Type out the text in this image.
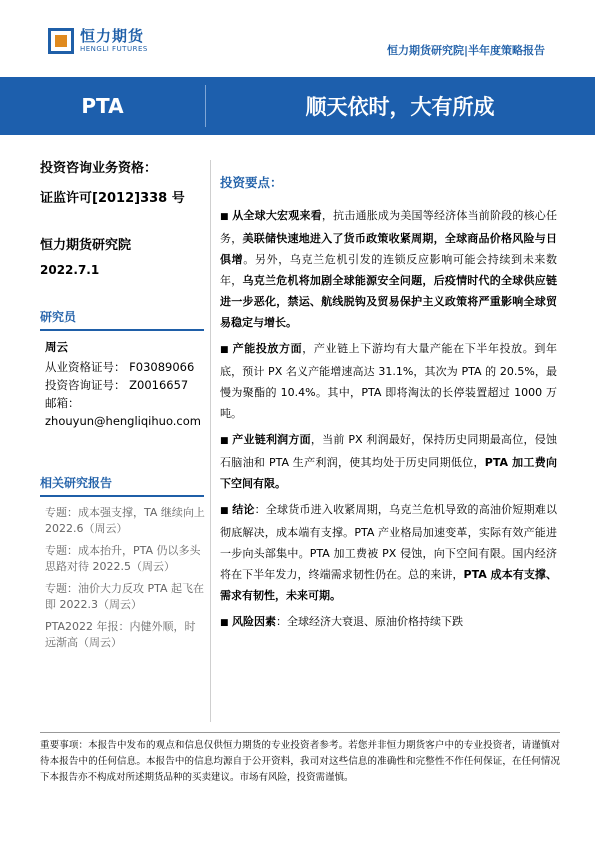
恒力期货
HENGLI FUTURES	恒力期货研究院|半年度策略报告
PTA	顺天依时，大有所成
投资咨询业务资格：
证监许可[2012]338 号
恒力期货研究院
2022.7.1
研究员
周云
从业资格证号： F03089066
投资咨询证号： Z0016657
邮箱：
zhouyun@hengliqihuo.com
相关研究报告
专题：成本强支撑，TA 继续向上 2022.6（周云）
专题：成本抬升，PTA 仍以多头思路对待 2022.5（周云）
专题：油价大力反攻 PTA 起飞在即 2022.3（周云）
PTA2022 年报：内健外顺，时远渐高（周云）
投资要点：

■ 从全球大宏观来看，抗击通胀成为美国等经济体当前阶段的核心任务，美联储快速地进入了货币政策收紧周期，全球商品价格风险与日俱增。另外，乌克兰危机引发的连锁反应影响可能会持续到未来数年，乌克兰危机将加剧全球能源安全问题，后疫情时代的全球供应链进一步恶化，禁运、航线脱钩及贸易保护主义政策将严重影响全球贸易稳定与增长。

■ 产能投放方面，产业链上下游均有大量产能在下半年投放。到年底，预计 PX 名义产能增速高达 31.1%，其次为 PTA 的 20.5%，最慢为聚酯的 10.4%。其中，PTA 即将淘汰的长停装置超过 1000 万吨。

■ 产业链利润方面，当前 PX 利润最好，保持历史同期最高位，侵蚀石脑油和 PTA 生产利润，使其均处于历史同期低位，PTA 加工费向下空间有限。

■ 结论：全球货币进入收紧周期，乌克兰危机导致的高油价短期难以彻底解决，成本端有支撑。PTA 产业格局加速变革，实际有效产能进一步向头部集中。PTA 加工费被 PX 侵蚀，向下空间有限。国内经济将在下半年发力，终端需求韧性仍在。总的来讲，PTA 成本有支撑、需求有韧性，未来可期。

■ 风险因素：全球经济大衰退、原油价格持续下跌

重要事项：本报告中发布的观点和信息仅供恒力期货的专业投资者参考。若您并非恒力期货客户中的专业投资者，请谨慎对待本报告中的任何信息。本报告中的信息均源自于公开资料，我司对这些信息的准确性和完整性不作任何保证，在任何情况下本报告亦不构成对所述期货品种的买卖建议。市场有风险，投资需谨慎。
